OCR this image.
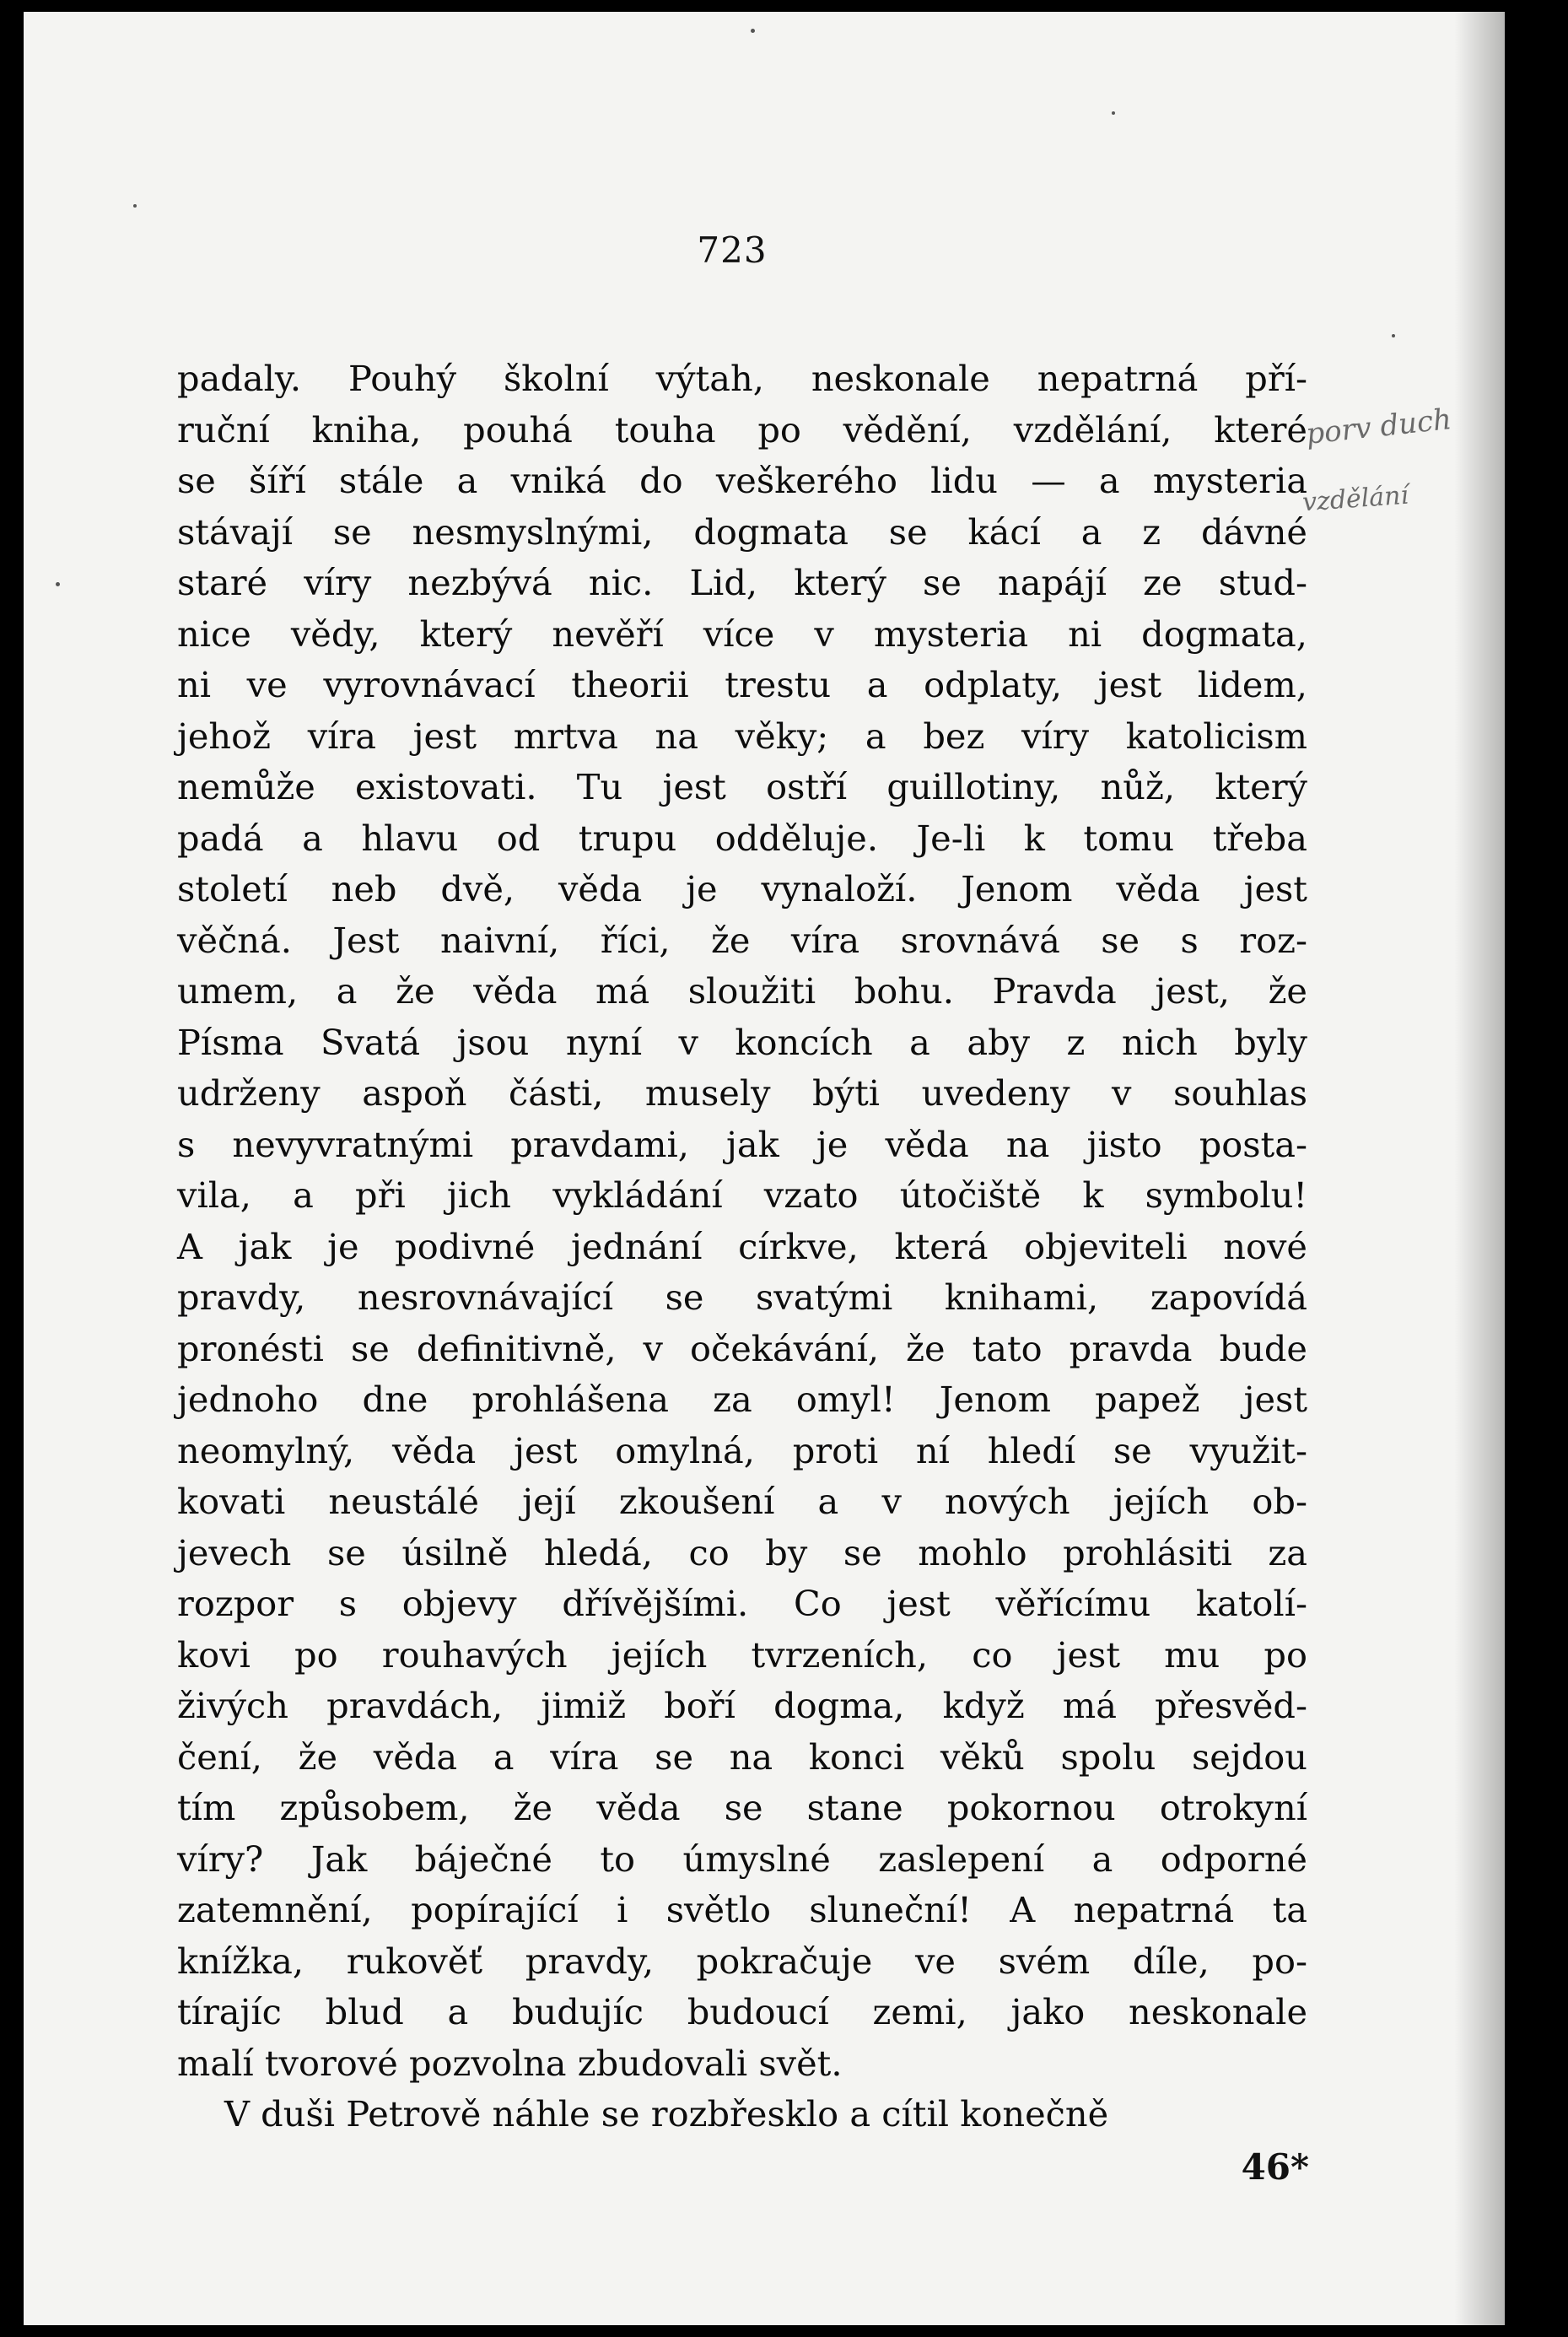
723
padaly. Pouhý školní výtah, neskonale nepatrná pří-
ruční kniha, pouhá touha po vědění, vzdělání, které
se šíří stále a vniká do veškerého lidu — a mysteria
stávají se nesmyslnými, dogmata se kácí a z dávné
staré víry nezbývá nic. Lid, který se napájí ze stud-
nice vědy, který nevěří více v mysteria ni dogmata,
ni ve vyrovnávací theorii trestu a odplaty, jest lidem,
jehož víra jest mrtva na věky; a bez víry katolicism
nemůže existovati. Tu jest ostří guillotiny, nůž, který
padá a hlavu od trupu odděluje. Je-li k tomu třeba
století neb dvě, věda je vynaloží. Jenom věda jest
věčná. Jest naivní, říci, že víra srovnává se s roz-
umem, a že věda má sloužiti bohu. Pravda jest, že
Písma Svatá jsou nyní v koncích a aby z nich byly
udrženy aspoň části, musely býti uvedeny v souhlas
s nevyvratnými pravdami, jak je věda na jisto posta-
vila, a při jich vykládání vzato útočiště k symbolu!
A jak je podivné jednání církve, která objeviteli nové
pravdy, nesrovnávající se svatými knihami, zapovídá
pronésti se definitivně, v očekávání, že tato pravda bude
jednoho dne prohlášena za omyl! Jenom papež jest
neomylný, věda jest omylná, proti ní hledí se využit-
kovati neustálé její zkoušení a v nových jejích ob-
jevech se úsilně hledá, co by se mohlo prohlásiti za
rozpor s objevy dřívějšími. Co jest věřícímu katolí-
kovi po rouhavých jejích tvrzeních, co jest mu po
živých pravdách, jimiž boří dogma, když má přesvěd-
čení, že věda a víra se na konci věků spolu sejdou
tím způsobem, že věda se stane pokornou otrokyní
víry? Jak báječné to úmyslné zaslepení a odporné
zatemnění, popírající i světlo sluneční! A nepatrná ta
knížka, rukověť pravdy, pokračuje ve svém díle, po-
tírajíc blud a budujíc budoucí zemi, jako neskonale
malí tvorové pozvolna zbudovali svět.
V duši Petrově náhle se rozbřesklo a cítil konečně
porv duch
vzdělání
46*
